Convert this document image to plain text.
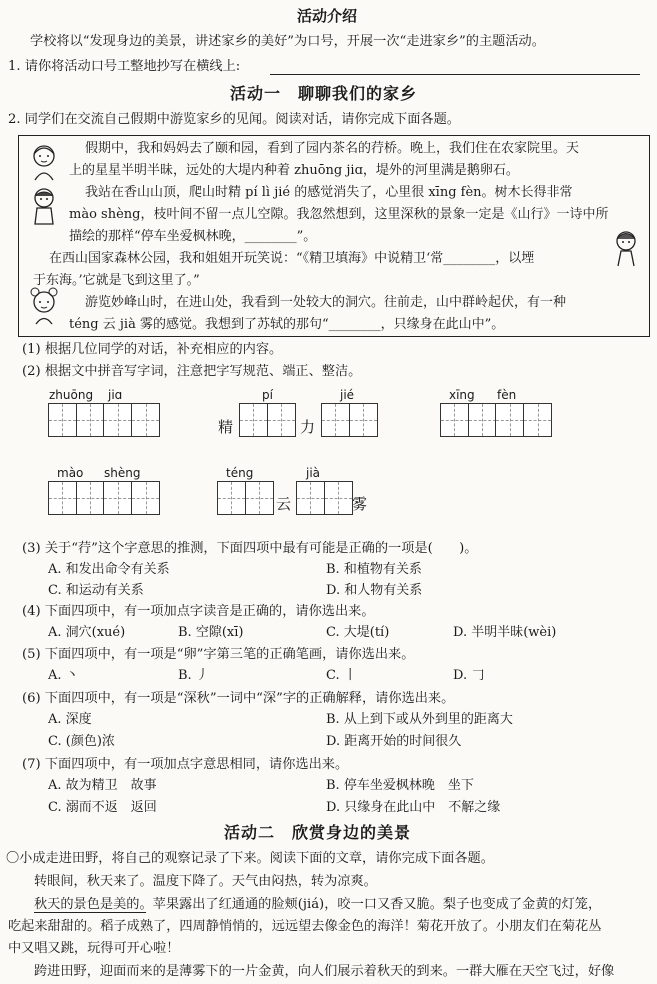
活动介绍
学校将以“发现身边的美景，讲述家乡的美好”为口号，开展一次“走进家乡”的主题活动。
1. 请你将活动口号工整地抄写在横线上:
活动一　聊聊我们的家乡
2. 同学们在交流自己假期中游览家乡的见闻。阅读对话，请你完成下面各题。
假期中，我和妈妈去了颐和园，看到了园内茶名的荇桥。晚上，我们住在农家院里。天
上的星星半明半昧，远处的大堤内种着 zhuōng jiɑ，堤外的河里满是鹅卵石。
我站在香山山顶，爬山时精 pí lì jié 的感觉消失了，心里很 xīng fèn。树木长得非常
mào shèng，枝叶间不留一点儿空隙。我忽然想到，这里深秋的景象一定是《山行》一诗中所
描绘的那样“停车坐爱枫林晚，________”。
在西山国家森林公园，我和姐姐开玩笑说：“《精卫填海》中说精卫‘常________，以堙
于东海。’它就是飞到这里了。”
游览妙峰山时，在进山处，我看到一处较大的洞穴。往前走，山中群岭起伏，有一种
téng 云 jià 雾的感觉。我想到了苏轼的那句“________，只缘身在此山中”。
(1) 根据几位同学的对话，补充相应的内容。
(2) 根据文中拼音写字词，注意把字写规范、端正、整洁。
zhuōng jiɑ
精
pí
力
jié	xīng fèn
mào shèng	téng
云
jià
雾
(3) 关于“荇”这个字意思的推测，下面四项中最有可能是正确的一项是(　　)。
A. 和发出命令有关系	B. 和植物有关系
C. 和运动有关系	D. 和人物有关系
(4) 下面四项中，有一项加点字读音是正确的，请你选出来。
A. 洞穴(xué)	B. 空隙(xī)	C. 大堤(tí)	D. 半明半昧(wèi)
(5) 下面四项中，有一项是“卵”字第三笔的正确笔画，请你选出来。
A. 丶	B. 丿	C. 丨	D. 𠃌
(6) 下面四项中，有一项是“深秋”一词中“深”字的正确解释，请你选出来。
A. 深度	B. 从上到下或从外到里的距离大
C. (颜色)浓	D. 距离开始的时间很久
(7) 下面四项中，有一项加点字意思相同，请你选出来。
A. 故为精卫　故事	B. 停车坐爱枫林晚　坐下
C. 溺而不返　返回	D. 只缘身在此山中　不解之缘
活动二　欣赏身边的美景
〇小成走进田野，将自己的观察记录了下来。阅读下面的文章，请你完成下面各题。
转眼间，秋天来了。温度下降了。天气由闷热，转为凉爽。
秋天的景色是美的。苹果露出了红通通的脸颊(jiá)，咬一口又香又脆。梨子也变成了金黄的灯笼，
吃起来甜甜的。稻子成熟了，四周静悄悄的，远远望去像金色的海洋！菊花开放了。小朋友们在菊花丛
中又唱又跳，玩得可开心啦！
跨进田野，迎面而来的是薄雾下的一片金黄，向人们展示着秋天的到来。一群大雁在天空飞过，好像
